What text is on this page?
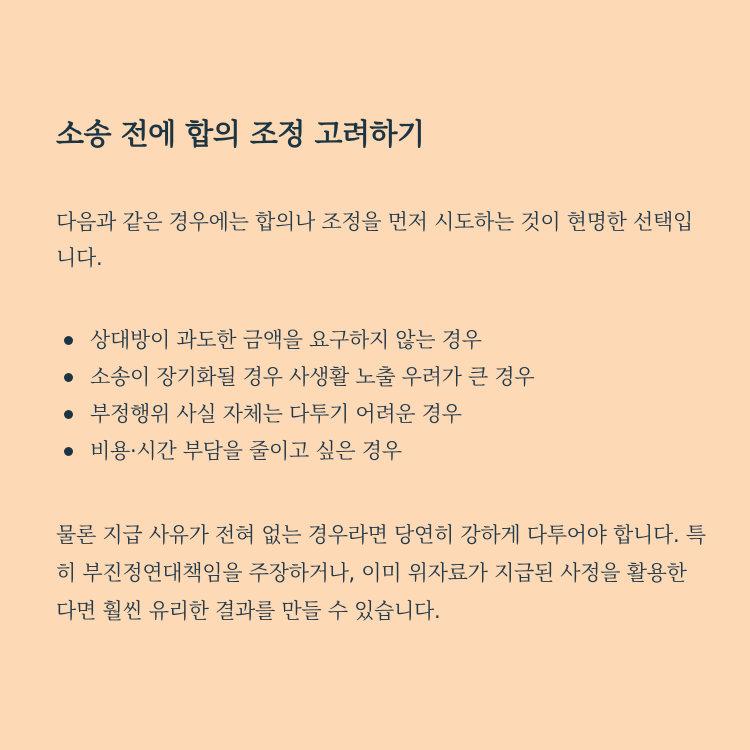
소송 전에 합의 조정 고려하기

다음과 같은 경우에는 합의나 조정을 먼저 시도하는 것이 현명한 선택입니다.

상대방이 과도한 금액을 요구하지 않는 경우
소송이 장기화될 경우 사생활 노출 우려가 큰 경우
부정행위 사실 자체는 다투기 어려운 경우
비용·시간 부담을 줄이고 싶은 경우

물론 지급 사유가 전혀 없는 경우라면 당연히 강하게 다투어야 합니다. 특히 부진정연대책임을 주장하거나, 이미 위자료가 지급된 사정을 활용한다면 훨씬 유리한 결과를 만들 수 있습니다.
